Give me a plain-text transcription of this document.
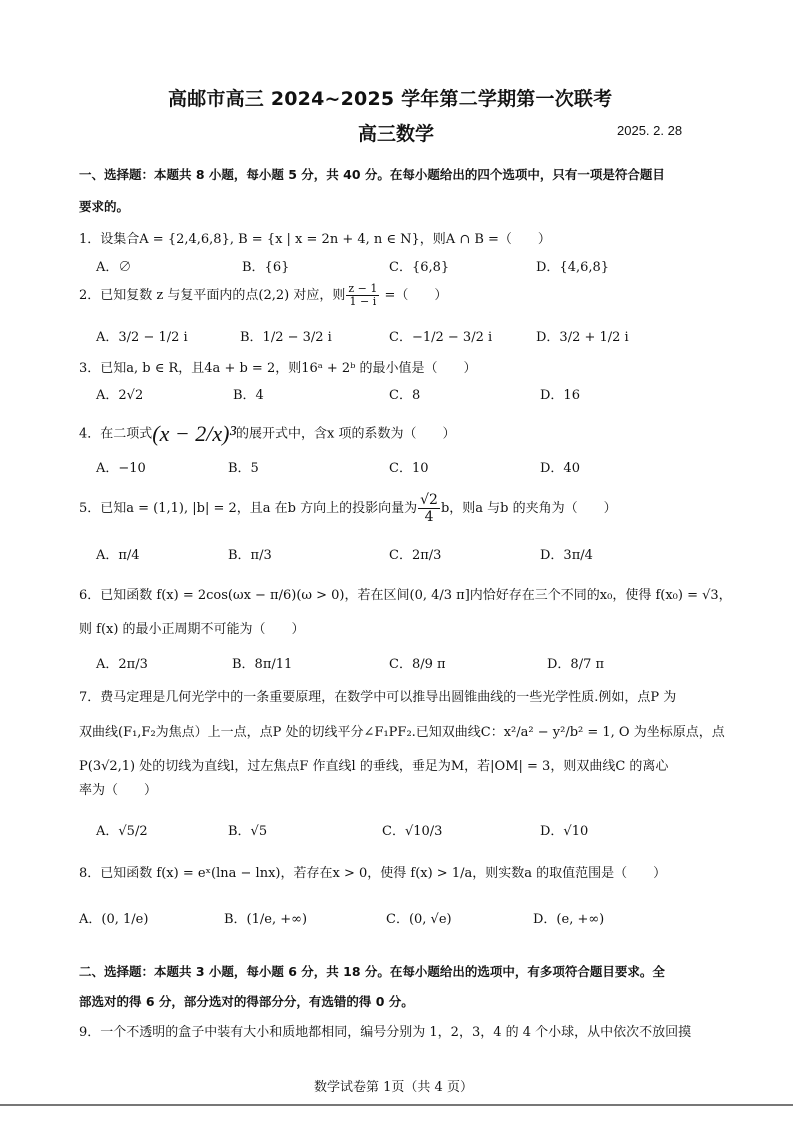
高邮市高三 2024~2025 学年第二学期第一次联考
高三数学	2025. 2. 28
一、选择题：本题共 8 小题，每小题 5 分，共 40 分。在每小题给出的四个选项中，只有一项是符合题目
要求的。
1．设集合A = {2,4,6,8}, B = {x | x = 2n + 4, n ∈ N}，则A ∩ B =（　　）
A．∅	B．{6}	C．{6,8}	D．{4,6,8}
2．已知复数 z 与复平面内的点(2,2) 对应，则 $\frac{z - 1}{1 - i}$ =（　　）
A．3/2 − 1/2 i	B．1/2 − 3/2 i	C．−1/2 − 3/2 i	D．3/2 + 1/2 i
3．已知a, b ∈ R，且4a + b = 2，则16ᵃ + 2ᵇ 的最小值是（　　）
A．2√2	B．4	C．8	D．16
4．在二项式(x − 2/x)³的展开式中，含x 项的系数为（　　）
A．−10	B．5	C．10	D．40
5．已知a = (1,1), |b| = 2，且a 在b 方向上的投影向量为 $\frac{√2}{4}$ b，则a 与b 的夹角为（　　）
A．π/4	B．π/3	C．2π/3	D．3π/4
6．已知函数 f(x) = 2cos(ωx − π/6)(ω > 0)，若在区间(0, 4/3 π]内恰好存在三个不同的x₀，使得 f(x₀) = √3，
则 f(x) 的最小正周期不可能为（　　）
A．2π/3	B．8π/11	C．8/9 π	D．8/7 π
7．费马定理是几何光学中的一条重要原理，在数学中可以推导出圆锥曲线的一些光学性质.例如，点P 为
双曲线(F₁,F₂为焦点）上一点，点P 处的切线平分∠F₁PF₂.已知双曲线C：x²/a² − y²/b² = 1, O 为坐标原点，点
P(3√2,1) 处的切线为直线l，过左焦点F 作直线l 的垂线，垂足为M，若|OM| = 3，则双曲线C 的离心
率为（　　）
A．√5/2	B．√5	C．√10/3	D．√10
8．已知函数 f(x) = eˣ(lna − lnx)，若存在x > 0，使得 f(x) > 1/a，则实数a 的取值范围是（　　）
A．(0, 1/e)	B．(1/e, +∞)	C．(0, √e)	D．(e, +∞)
二、选择题：本题共 3 小题，每小题 6 分，共 18 分。在每小题给出的选项中，有多项符合题目要求。全
部选对的得 6 分，部分选对的得部分分，有选错的得 0 分。
9．一个不透明的盒子中装有大小和质地都相同，编号分别为 1，2，3，4 的 4 个小球，从中依次不放回摸
数学试卷第 1页（共 4 页）
